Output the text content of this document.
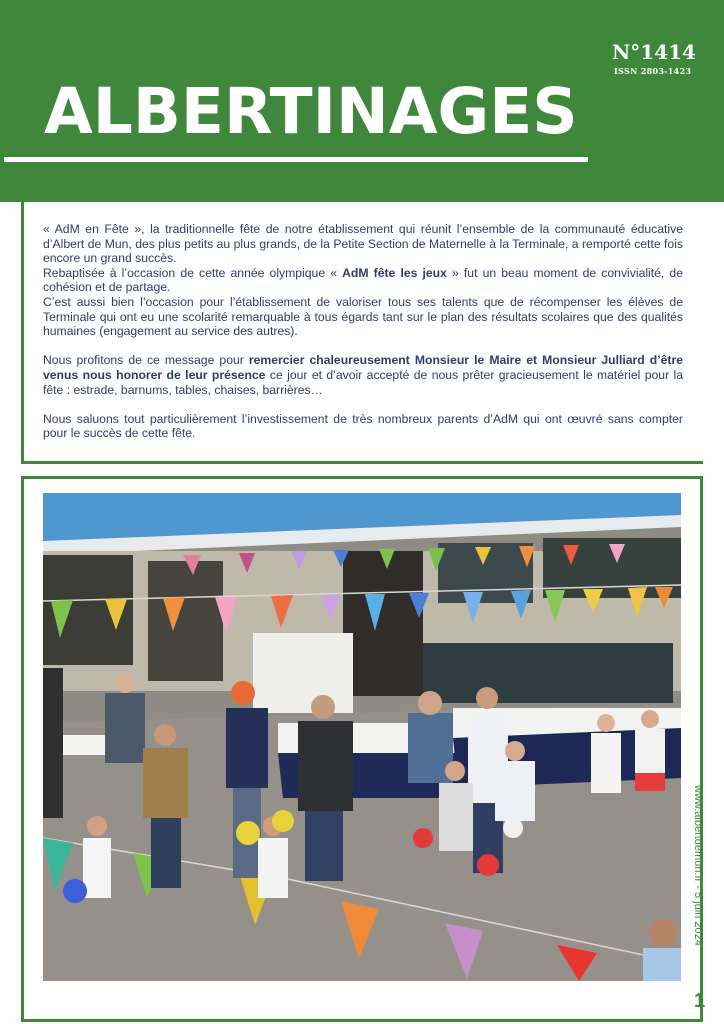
N°1414
ISSN 2803-1423
ALBERTINAGES

« AdM en Fête », la traditionnelle fête de notre établissement qui réunit l’ensemble de la communauté éducative d’Albert de Mun, des plus petits au plus grands, de la Petite Section de Maternelle à la Terminale, a remporté cette fois encore un grand succès.

Rebaptisée à l’occasion de cette année olympique « AdM fête les jeux » fut un beau moment de convivialité, de cohésion et de partage.

C’est aussi bien l’occasion pour l’établissement de valoriser tous ses talents que de récompenser les élèves de Terminale qui ont eu une scolarité remarquable à tous égards tant sur le plan des résultats scolaires que des qualités humaines (engagement au service des autres).

Nous profitons de ce message pour remercier chaleureusement Monsieur le Maire et Monsieur Julliard d’être venus nous honorer de leur présence ce jour et d’avoir accepté de nous prêter gracieusement le matériel pour la fête : estrade, barnums, tables, chaises, barrières…

Nous saluons tout particulièrement l’investissement de très nombreux parents d’AdM qui ont œuvré sans compter pour le succès de cette fête.

www.albertdemun.fr - 5 juin 2024
1
